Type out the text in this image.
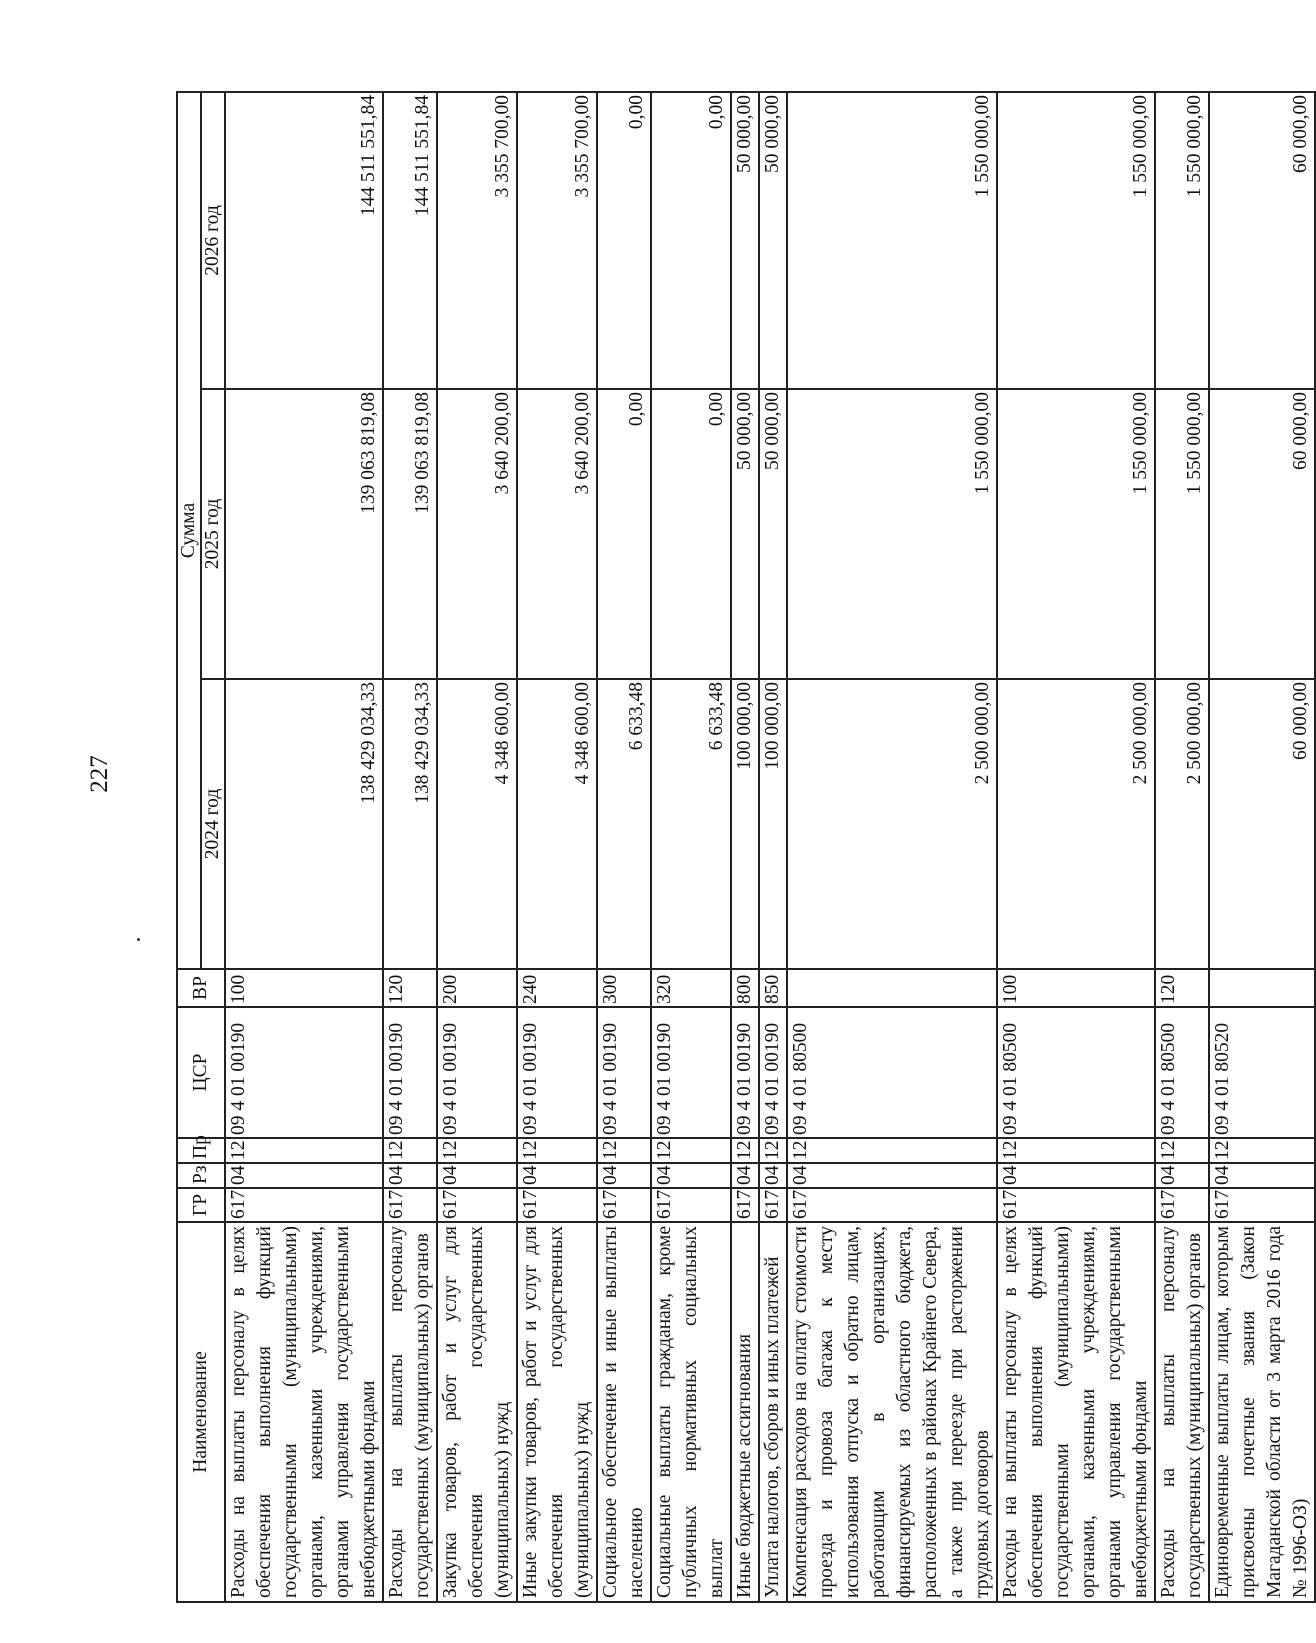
227
Наименование	ГР	Рз	Пр	ЦСР	ВР	Сумма		
						2024 год	2025 год	2026 год
Расходы на выплаты персоналу в целях обеспечения выполнения функций государственными (муниципальными) органами, казенными учреждениями, органами управления государственными внебюджетными фондами	617	04	12	09 4 01 00190	100	138 429 034,33	139 063 819,08	144 511 551,84
Расходы на выплаты персоналу государственных (муниципальных) органов	617	04	12	09 4 01 00190	120	138 429 034,33	139 063 819,08	144 511 551,84
Закупка товаров, работ и услуг для обеспечения государственных (муниципальных) нужд	617	04	12	09 4 01 00190	200	4 348 600,00	3 640 200,00	3 355 700,00
Иные закупки товаров, работ и услуг для обеспечения государственных (муниципальных) нужд	617	04	12	09 4 01 00190	240	4 348 600,00	3 640 200,00	3 355 700,00
Социальное обеспечение и иные выплаты населению	617	04	12	09 4 01 00190	300	6 633,48	0,00	0,00
Социальные выплаты гражданам, кроме публичных нормативных социальных выплат	617	04	12	09 4 01 00190	320	6 633,48	0,00	0,00
Иные бюджетные ассигнования	617	04	12	09 4 01 00190	800	100 000,00	50 000,00	50 000,00
Уплата налогов, сборов и иных платежей	617	04	12	09 4 01 00190	850	100 000,00	50 000,00	50 000,00
Компенсация расходов на оплату стоимости проезда и провоза багажа к месту использования отпуска и обратно лицам, работающим в организациях, финансируемых из областного бюджета, расположенных в районах Крайнего Севера, а также при переезде при расторжении трудовых договоров	617	04	12	09 4 01 80500		2 500 000,00	1 550 000,00	1 550 000,00
Расходы на выплаты персоналу в целях обеспечения выполнения функций государственными (муниципальными) органами, казенными учреждениями, органами управления государственными внебюджетными фондами	617	04	12	09 4 01 80500	100	2 500 000,00	1 550 000,00	1 550 000,00
Расходы на выплаты персоналу государственных (муниципальных) органов	617	04	12	09 4 01 80500	120	2 500 000,00	1 550 000,00	1 550 000,00
Единовременные выплаты лицам, которым присвоены почетные звания (Закон Магаданской области от 3 марта 2016 года № 1996-ОЗ)	617	04	12	09 4 01 80520		60 000,00	60 000,00	60 000,00
